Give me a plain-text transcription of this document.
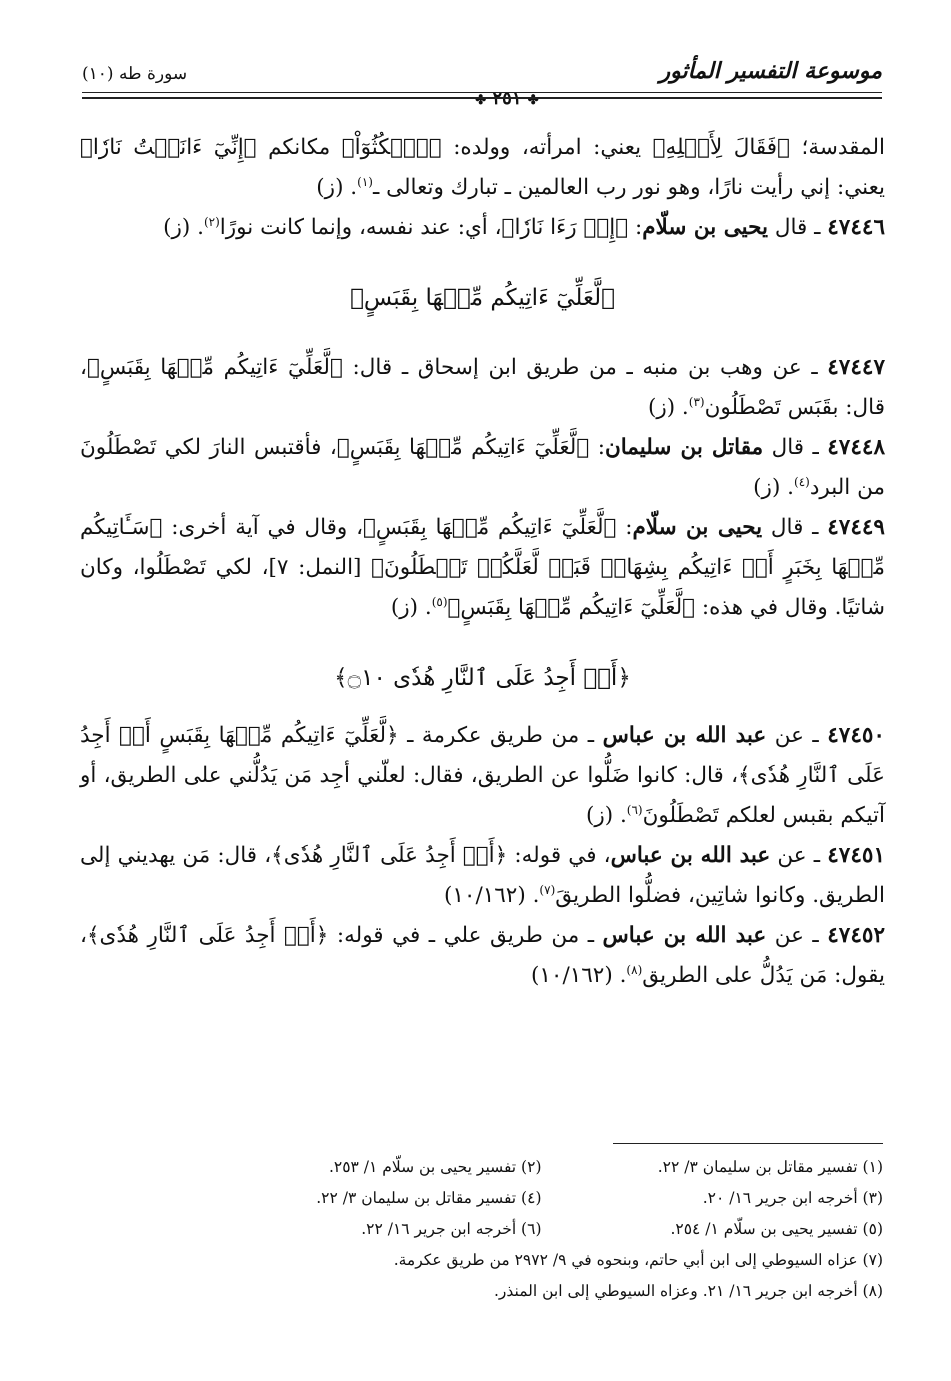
موسوعة التفسير المأثور
✤ ٢٥١ ✤
سورة طه (١٠)

المقدسة؛ ﴿فَقَالَ لِأَهۡلِهِ﴾ يعني: امرأته، وولده: ﴿ٱمۡكُثُوٓاْ﴾ مكانكم ﴿إِنِّيٓ ءَانَسۡتُ نَارٗا﴾ يعني: إني رأيت نارًا، وهو نور رب العالمين ـ تبارك وتعالى ـ$^{(١)}$. (ز)

٤٧٤٤٦ ـ قال يحيى بن سلّام: ﴿إِذۡ رَءَا نَارٗا﴾، أي: عند نفسه، وإنما كانت نورًا$^{(٢)}$. (ز)

﴿لَّعَلِّيٓ ءَاتِيكُم مِّنۡهَا بِقَبَسٍ﴾

٤٧٤٤٧ ـ عن وهب بن منبه ـ من طريق ابن إسحاق ـ قال: ﴿لَّعَلِّيٓ ءَاتِيكُم مِّنۡهَا بِقَبَسٍ﴾، قال: بقَبَس تَصْطَلُون$^{(٣)}$. (ز)

٤٧٤٤٨ ـ قال مقاتل بن سليمان: ﴿لَّعَلِّيٓ ءَاتِيكُم مِّنۡهَا بِقَبَسٍ﴾، فأقتبس النارَ لكي تَصْطَلُونَ من البرد$^{(٤)}$. (ز)

٤٧٤٤٩ ـ قال يحيى بن سلّام: ﴿لَّعَلِّيٓ ءَاتِيكُم مِّنۡهَا بِقَبَسٍ﴾، وقال في آية أخرى: ﴿سَـَٔاتِيكُم مِّنۡهَا بِخَبَرٍ أَوۡ ءَاتِيكُم بِشِهَابٖ قَبَسٖ لَّعَلَّكُمۡ تَصۡطَلُونَ﴾ [النمل: ٧]، لكي تَصْطَلُوا، وكان شاتيًا. وقال في هذه: ﴿لَّعَلِّيٓ ءَاتِيكُم مِّنۡهَا بِقَبَسٍ﴾$^{(٥)}$. (ز)

﴿أَوۡ أَجِدُ عَلَى ٱلنَّارِ هُدٗى ۝١٠﴾

٤٧٤٥٠ ـ عن عبد الله بن عباس ـ من طريق عكرمة ـ ﴿لَّعَلِّيٓ ءَاتِيكُم مِّنۡهَا بِقَبَسٍ أَوۡ أَجِدُ عَلَى ٱلنَّارِ هُدٗى﴾، قال: كانوا ضَلُّوا عن الطريق، فقال: لعلّني أجِد مَن يَدُلُّني على الطريق، أو آتيكم بقبس لعلكم تَصْطَلُونَ$^{(٦)}$. (ز)

٤٧٤٥١ ـ عن عبد الله بن عباس، في قوله: ﴿أَوۡ أَجِدُ عَلَى ٱلنَّارِ هُدٗى﴾، قال: مَن يهديني إلى الطريق. وكانوا شاتِين، فضلُّوا الطريقَ$^{(٧)}$. (١٠/١٦٢)

٤٧٤٥٢ ـ عن عبد الله بن عباس ـ من طريق علي ـ في قوله: ﴿أَوۡ أَجِدُ عَلَى ٱلنَّارِ هُدٗى﴾، يقول: مَن يَدُلُّ على الطريق$^{(٨)}$. (١٠/١٦٢)

(١) تفسير مقاتل بن سليمان ٣/ ٢٢.
(٢) تفسير يحيى بن سلّام ١/ ٢٥٣.
(٣) أخرجه ابن جرير ١٦/ ٢٠.
(٤) تفسير مقاتل بن سليمان ٣/ ٢٢.
(٥) تفسير يحيى بن سلّام ١/ ٢٥٤.
(٦) أخرجه ابن جرير ١٦/ ٢٢.
(٧) عزاه السيوطي إلى ابن أبي حاتم، وبنحوه في ٩/ ٢٩٧٢ من طريق عكرمة.
(٨) أخرجه ابن جرير ١٦/ ٢١. وعزاه السيوطي إلى ابن المنذر.
